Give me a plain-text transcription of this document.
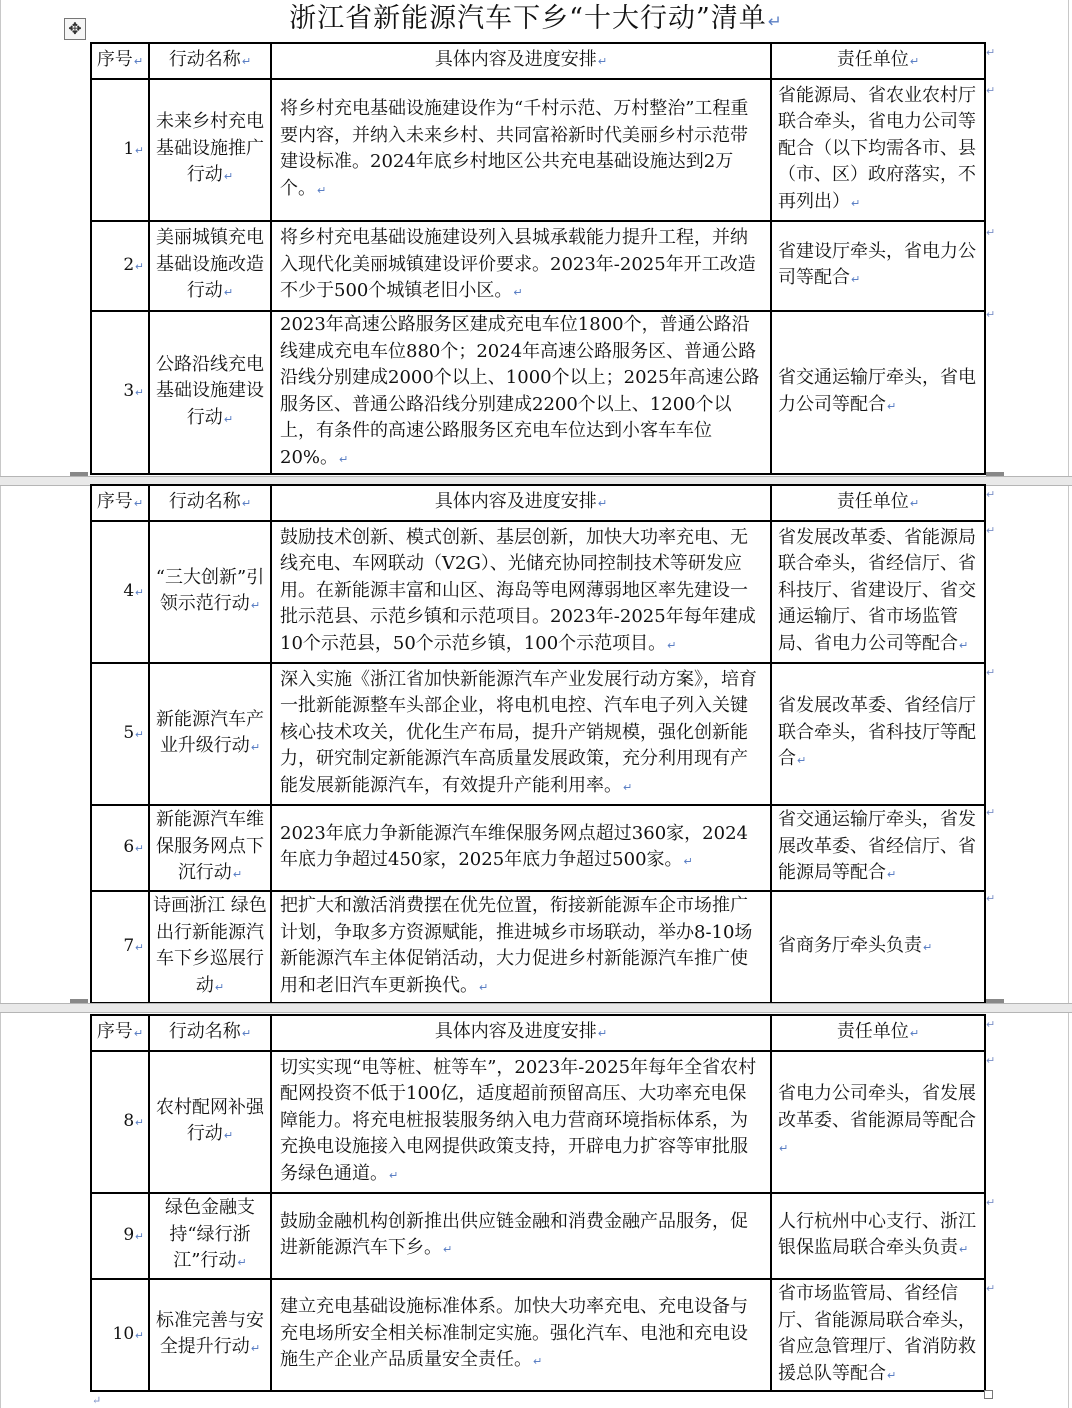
✥	浙江省新能源汽车下乡“十大行动”清单↵
序号↵	行动名称↵	具体内容及进度安排↵	责任单位↵
1↵	未来乡村充电基础设施推广行动↵	将乡村充电基础设施建设作为“千村示范、万村整治”工程重要内容，并纳入未来乡村、共同富裕新时代美丽乡村示范带建设标准。2024年底乡村地区公共充电基础设施达到2万个。↵	省能源局、省农业农村厅联合牵头，省电力公司等配合（以下均需各市、县（市、区）政府落实，不再列出）↵
2↵	美丽城镇充电基础设施改造行动↵	将乡村充电基础设施建设列入县城承载能力提升工程，并纳入现代化美丽城镇建设评价要求。2023年-2025年开工改造不少于500个城镇老旧小区。↵	省建设厅牵头，省电力公司等配合↵
3↵	公路沿线充电基础设施建设行动↵	2023年高速公路服务区建成充电车位1800个，普通公路沿线建成充电车位880个；2024年高速公路服务区、普通公路沿线分别建成2000个以上、1000个以上；2025年高速公路服务区、普通公路沿线分别建成2200个以上、1200个以上，有条件的高速公路服务区充电车位达到小客车车位20%。↵	省交通运输厅牵头，省电力公司等配合↵
序号↵	行动名称↵	具体内容及进度安排↵	责任单位↵
4↵	“三大创新”引领示范行动↵	鼓励技术创新、模式创新、基层创新，加快大功率充电、无线充电、车网联动（V2G）、光储充协同控制技术等研发应用。在新能源丰富和山区、海岛等电网薄弱地区率先建设一批示范县、示范乡镇和示范项目。2023年-2025年每年建成10个示范县，50个示范乡镇，100个示范项目。↵	省发展改革委、省能源局联合牵头，省经信厅、省科技厅、省建设厅、省交通运输厅、省市场监管局、省电力公司等配合↵
5↵	新能源汽车产业升级行动↵	深入实施《浙江省加快新能源汽车产业发展行动方案》，培育一批新能源整车头部企业，将电机电控、汽车电子列入关键核心技术攻关，优化生产布局，提升产销规模，强化创新能力，研究制定新能源汽车高质量发展政策，充分利用现有产能发展新能源汽车，有效提升产能利用率。↵	省发展改革委、省经信厅联合牵头，省科技厅等配合↵
6↵	新能源汽车维保服务网点下沉行动↵	2023年底力争新能源汽车维保服务网点超过360家，2024年底力争超过450家，2025年底力争超过500家。↵	省交通运输厅牵头，省发展改革委、省经信厅、省能源局等配合↵
7↵	诗画浙江 绿色出行新能源汽车下乡巡展行动↵	把扩大和激活消费摆在优先位置，衔接新能源车企市场推广计划，争取多方资源赋能，推进城乡市场联动，举办8-10场新能源汽车主体促销活动，大力促进乡村新能源汽车推广使用和老旧汽车更新换代。↵	省商务厅牵头负责↵
序号↵	行动名称↵	具体内容及进度安排↵	责任单位↵
8↵	农村配网补强行动↵	切实实现“电等桩、桩等车”，2023年-2025年每年全省农村配网投资不低于100亿，适度超前预留高压、大功率充电保障能力。将充电桩报装服务纳入电力营商环境指标体系，为充换电设施接入电网提供政策支持，开辟电力扩容等审批服务绿色通道。↵	省电力公司牵头，省发展改革委、省能源局等配合↵
9↵	绿色金融支持“绿行浙江”行动↵	鼓励金融机构创新推出供应链金融和消费金融产品服务，促进新能源汽车下乡。↵	人行杭州中心支行、浙江银保监局联合牵头负责↵
10↵	标准完善与安全提升行动↵	建立充电基础设施标准体系。加快大功率充电、充电设备与充电场所安全相关标准制定实施。强化汽车、电池和充电设施生产企业产品质量安全责任。↵	省市场监管局、省经信厅、省能源局联合牵头，省应急管理厅、省消防救援总队等配合↵
↵
↵
↵
↵
↵
↵
↵
↵
↵
↵
↵
↵
↵
↵
